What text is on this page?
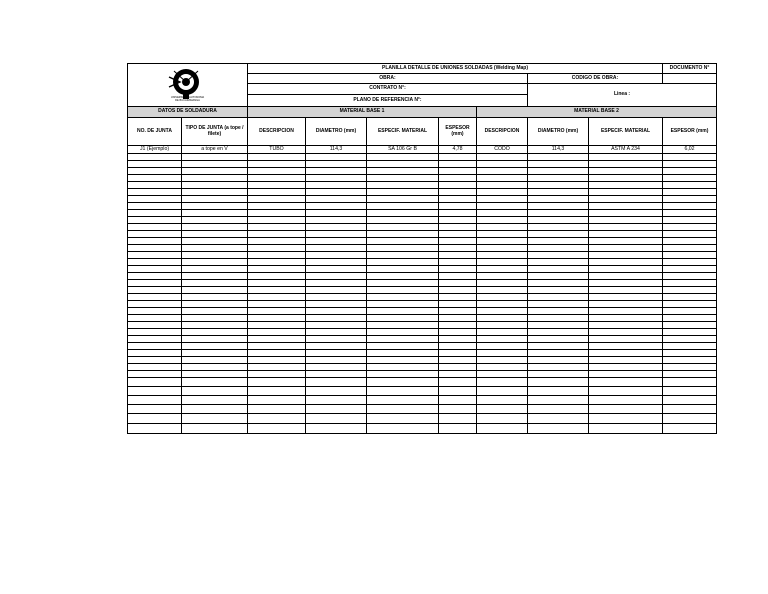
UNIVERSIDAD AUTONOMA
DE BUCARAMANGA
PLANILLA DETALLE DE UNIONES SOLDADAS (Welding Map)	DOCUMENTO N°
OBRA:	CODIGO DE OBRA:
CONTRATO N°:
Linea :
PLANO DE REFERENCIA N°:
DATOS DE SOLDADURA	MATERIAL BASE 1	MATERIAL BASE 2
NO. DE JUNTA	TIPO DE JUNTA (a tope / filete)	DESCRIPCION	DIAMETRO (mm)	ESPECIF. MATERIAL	ESPESOR (mm)	DESCRIPCION	DIAMETRO (mm)	ESPECIF. MATERIAL	ESPESOR (mm)
J1 (Ejemplo)	a tope en V	TUBO	114,3	SA 106 Gr B	4,78	CODO	114,3	ASTM A 234	6,02
